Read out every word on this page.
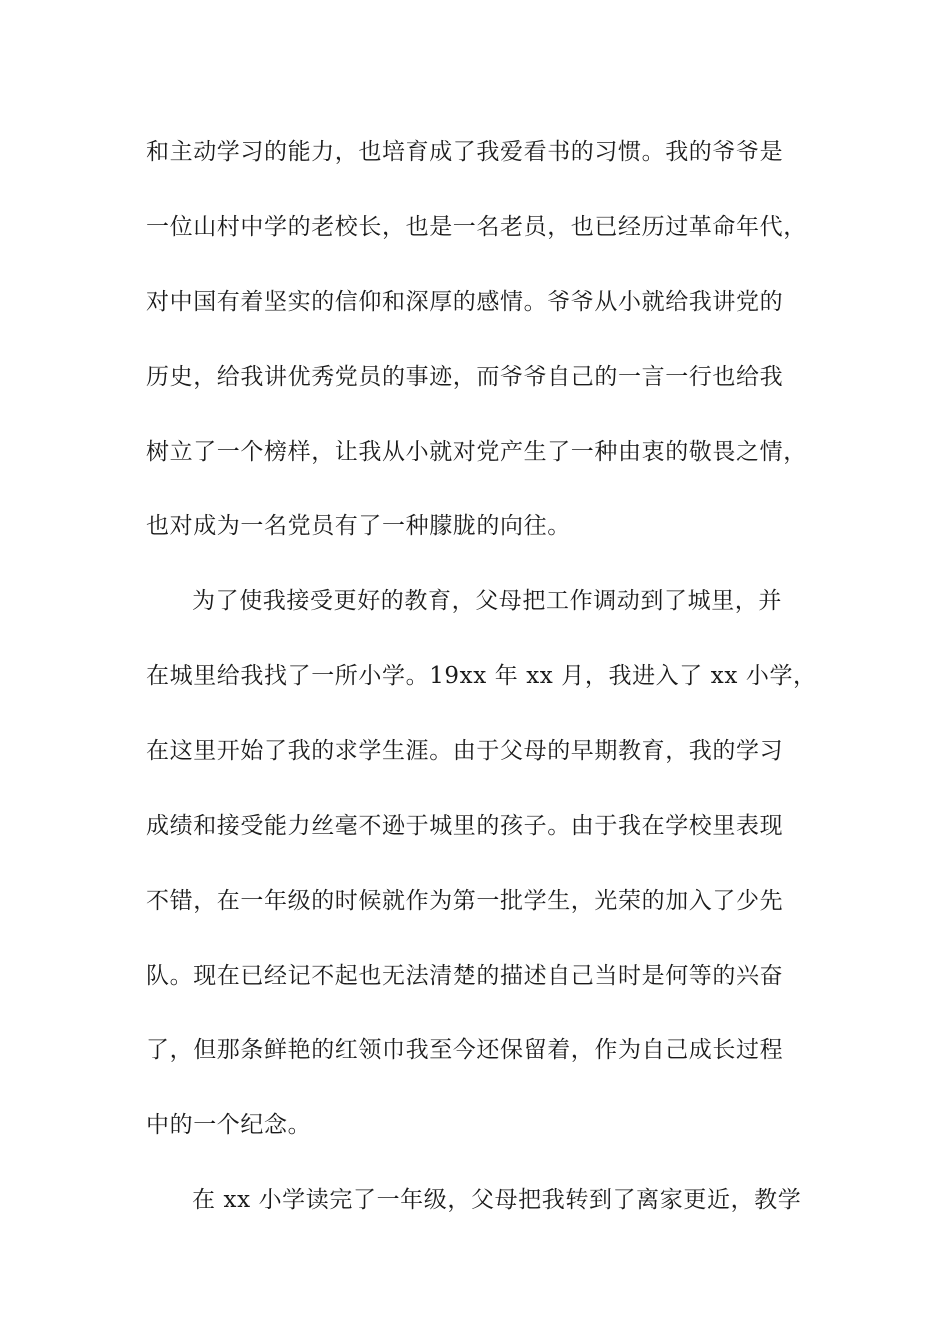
和主动学习的能力，也培育成了我爱看书的习惯。我的爷爷是
一位山村中学的老校长，也是一名老员，也已经历过革命年代，
对中国有着坚实的信仰和深厚的感情。爷爷从小就给我讲党的
历史，给我讲优秀党员的事迹，而爷爷自己的一言一行也给我
树立了一个榜样，让我从小就对党产生了一种由衷的敬畏之情，
也对成为一名党员有了一种朦胧的向往。
为了使我接受更好的教育，父母把工作调动到了城里，并
在城里给我找了一所小学。19xx 年 xx 月，我进入了 xx 小学，
在这里开始了我的求学生涯。由于父母的早期教育，我的学习
成绩和接受能力丝毫不逊于城里的孩子。由于我在学校里表现
不错，在一年级的时候就作为第一批学生，光荣的加入了少先
队。现在已经记不起也无法清楚的描述自己当时是何等的兴奋
了，但那条鲜艳的红领巾我至今还保留着，作为自己成长过程
中的一个纪念。
在 xx 小学读完了一年级，父母把我转到了离家更近，教学
